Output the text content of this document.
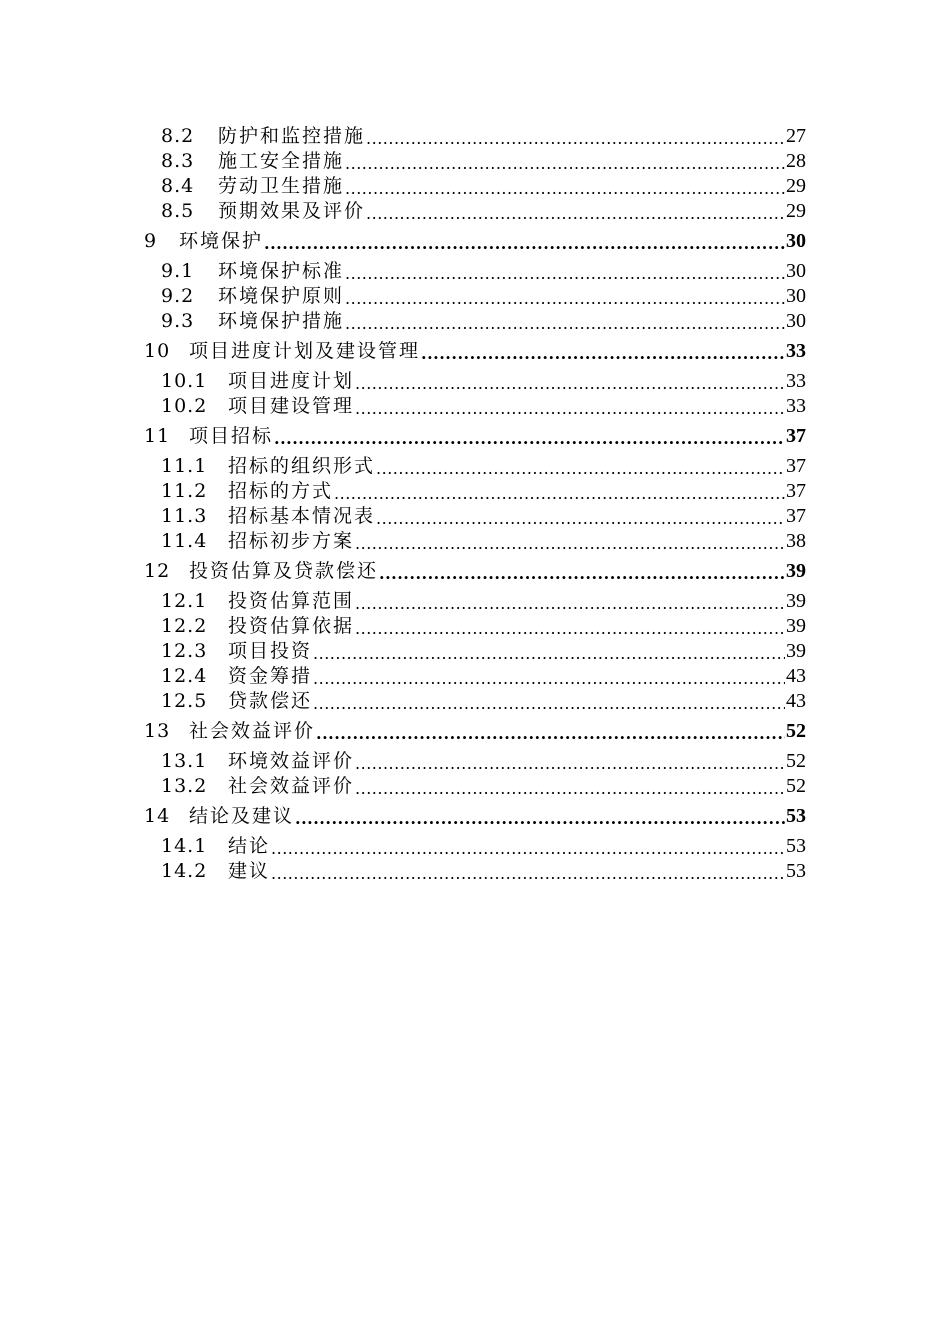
8.2	防护和监控措施 .....	27
8.3	施工安全措施 .....	28
8.4	劳动卫生措施 .....	29
8.5	预期效果及评价 .....	29
9	环境保护 .....	30
9.1	环境保护标准 .....	30
9.2	环境保护原则 .....	30
9.3	环境保护措施 .....	30
10 项目进度计划及建设管理 .....	33
10.1	项目进度计划 .....	33
10.2	项目建设管理 .....	33
11 项目招标 .....	37
11.1	招标的组织形式 .....	37
11.2	招标的方式 .....	37
11.3	招标基本情况表 .....	37
11.4	招标初步方案 .....	38
12 投资估算及贷款偿还 .....	39
12.1	投资估算范围 .....	39
12.2	投资估算依据 .....	39
12.3	项目投资 .....	39
12.4	资金筹措 .....	43
12.5	贷款偿还 .....	43
13 社会效益评价 .....	52
13.1	环境效益评价 .....	52
13.2	社会效益评价 .....	52
14 结论及建议 .....	53
14.1	结论 .....	53
14.2	建议 .....	53
